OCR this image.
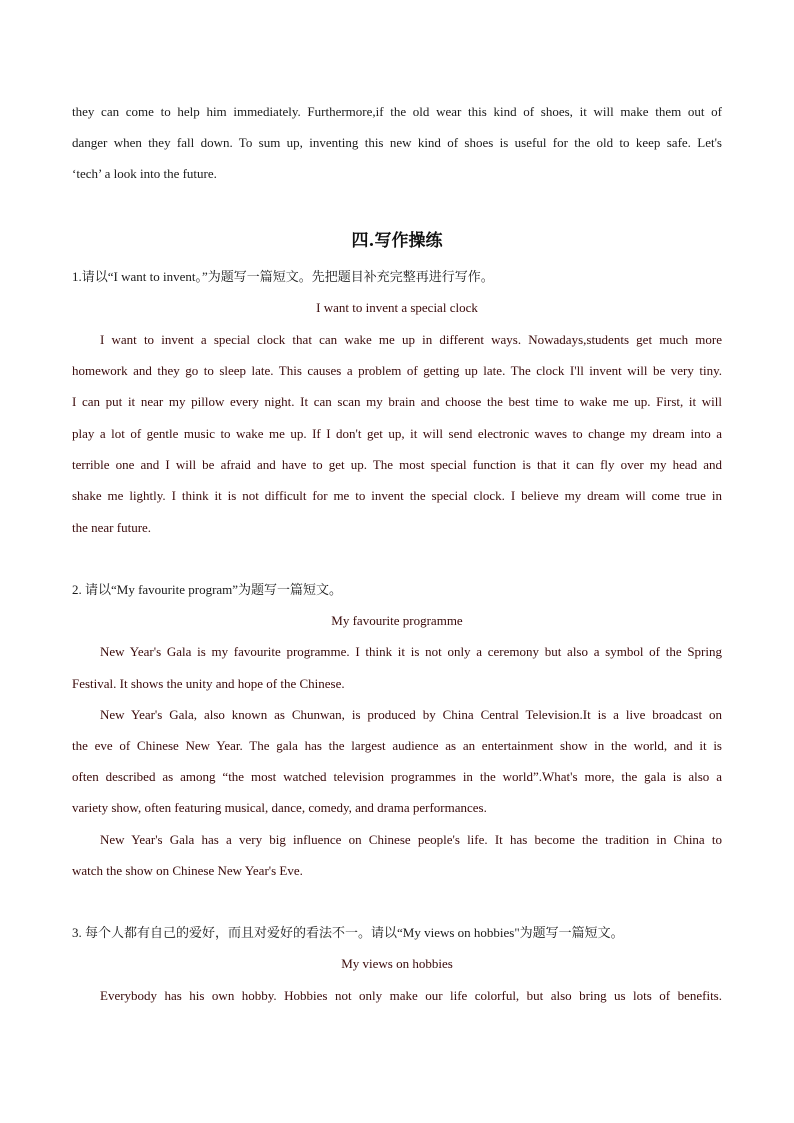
they can come to help him immediately. Furthermore,if the old wear this kind of shoes, it will make them out of
danger when they fall down. To sum up, inventing this new kind of shoes is useful for the old to keep safe. Let's
‘tech’ a look into the future.
四.写作操练
1.请以“I want to invent。”为题写一篇短文。先把题目补充完整再进行写作。
I want to invent a special clock
I want to invent a special clock that can wake me up in different ways. Nowadays,students get much more
homework and they go to sleep late. This causes a problem of getting up late. The clock I'll invent will be very tiny.
I can put it near my pillow every night. It can scan my brain and choose the best time to wake me up. First, it will
play a lot of gentle music to wake me up. If I don't get up, it will send electronic waves to change my dream into a
terrible one and I will be afraid and have to get up. The most special function is that it can fly over my head and
shake me lightly. I think it is not difficult for me to invent the special clock. I believe my dream will come true in
the near future.
2. 请以“My favourite program”为题写一篇短文。
My favourite programme
New Year's Gala is my favourite programme. I think it is not only a ceremony but also a symbol of the Spring
Festival. It shows the unity and hope of the Chinese.
New Year's Gala, also known as Chunwan, is produced by China Central Television.It is a live broadcast on
the eve of Chinese New Year. The gala has the largest audience as an entertainment show in the world, and it is
often described as among “the most watched television programmes in the world”.What's more, the gala is also a
variety show, often featuring musical, dance, comedy, and drama performances.
New Year's Gala has a very big influence on Chinese people's life. It has become the tradition in China to
watch the show on Chinese New Year's Eve.
3. 每个人都有自己的爱好，而且对爱好的看法不一。请以“My views on hobbies"为题写一篇短文。
My views on hobbies
Everybody has his own hobby. Hobbies not only make our life colorful, but also bring us lots of benefits.
